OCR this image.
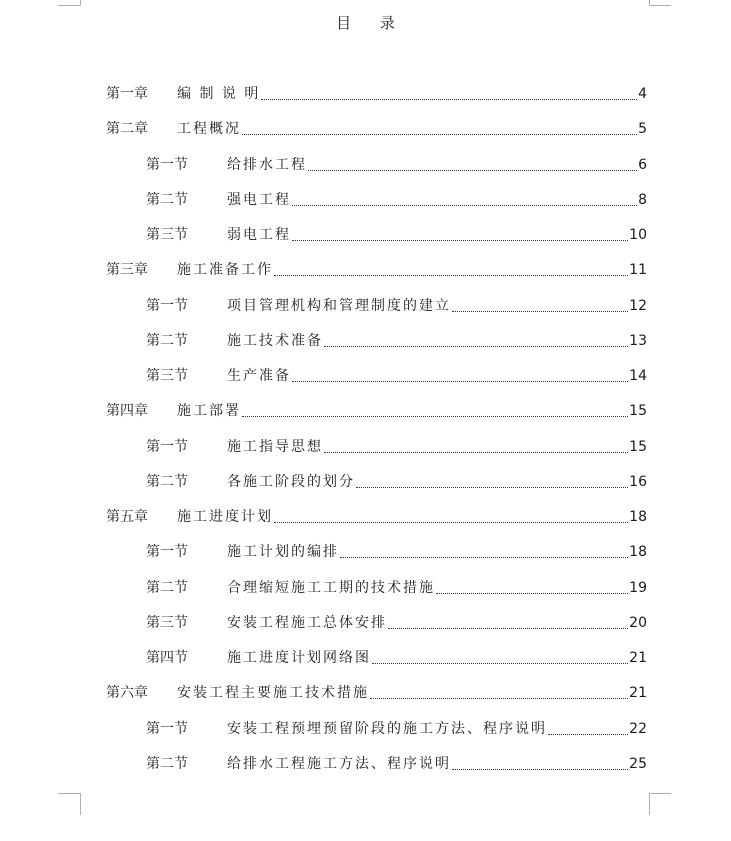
目 录
第一章	编 制 说 明	4
第二章	工程概况	5
第一节	给排水工程	6
第二节	强电工程	8
第三节	弱电工程	10
第三章	施工准备工作	11
第一节	项目管理机构和管理制度的建立	12
第二节	施工技术准备	13
第三节	生产准备	14
第四章	施工部署	15
第一节	施工指导思想	15
第二节	各施工阶段的划分	16
第五章	施工进度计划	18
第一节	施工计划的编排	18
第二节	合理缩短施工工期的技术措施	19
第三节	安装工程施工总体安排	20
第四节	施工进度计划网络图	21
第六章	安装工程主要施工技术措施	21
第一节	安装工程预埋预留阶段的施工方法、程序说明	22
第二节	给排水工程施工方法、程序说明	25
